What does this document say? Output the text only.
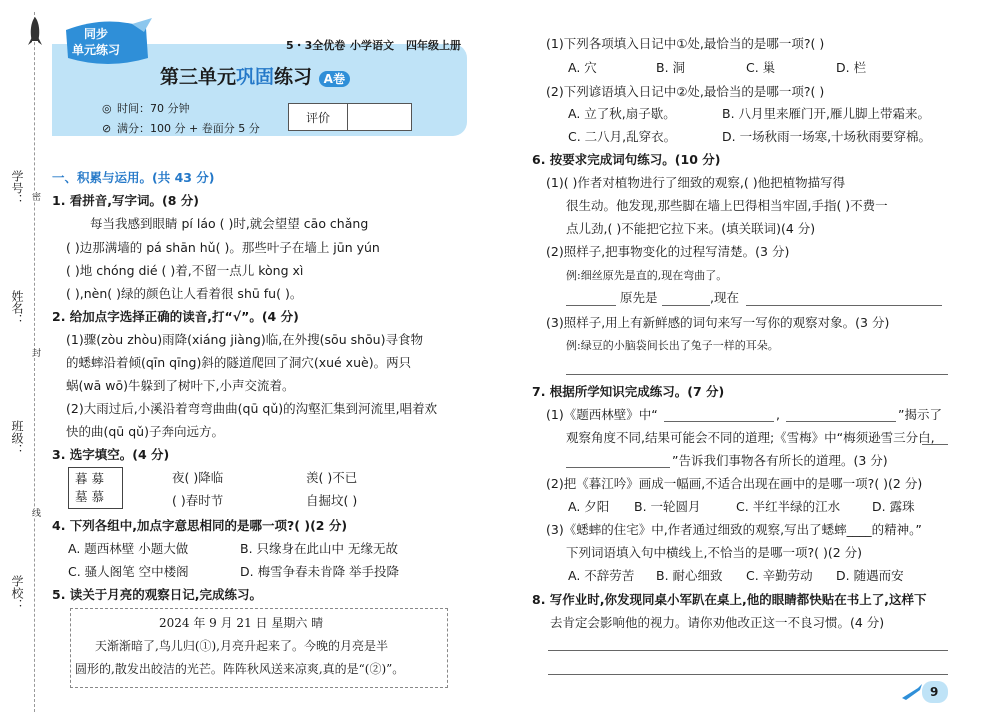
学号：
姓名：
班级：
学校：
密
封
线
同步
单元练习	5・3全优卷 小学语文 四年级上册
第三单元巩固练习 A卷
◎ 时间：70 分钟
⊘ 满分：100 分 + 卷面分 5 分
评价
一、积累与运用。(共 43 分)
1. 看拼音,写字词。(8 分)
每当我感到眼睛 pí láo ( )时,就会望望 cāo chǎng
( )边那满墙的 pá shān hǔ( )。那些叶子在墙上 jūn yún
( )地 chóng dié ( )着,不留一点儿 kòng xì
( ),nèn( )绿的颜色让人看着很 shū fu( )。
2. 给加点字选择正确的读音,打“√”。(4 分)
(1)骤(zòu zhòu)雨降(xiáng jiàng)临,在外搜(sōu shōu)寻食物
的蟋蟀沿着倾(qīn qīng)斜的隧道爬回了洞穴(xué xuè)。两只
蜗(wā wō)牛躲到了树叶下,小声交流着。
(2)大雨过后,小溪沿着弯弯曲曲(qū qǔ)的沟壑汇集到河流里,唱着欢
快的曲(qū qǔ)子奔向远方。
3. 选字填空。(4 分)
暮 募
墓 慕
夜( )降临	羡( )不已
( )春时节	自掘坟( )
4. 下列各组中,加点字意思相同的是哪一项?( )(2 分)
A. 题西林壁 小题大做	B. 只缘身在此山中 无缘无故
C. 骚人阁笔 空中楼阁	D. 梅雪争春未肯降 举手投降
5. 读关于月亮的观察日记,完成练习。
2024 年 9 月 21 日 星期六 晴
天渐渐暗了,鸟儿归(①),月亮升起来了。今晚的月亮是半
圆形的,散发出皎洁的光芒。阵阵秋风送来凉爽,真的是“(②)”。
(1)下列各项填入日记中①处,最恰当的是哪一项?( )
A. 穴	B. 洞	C. 巢	D. 栏
(2)下列谚语填入日记中②处,最恰当的是哪一项?( )
A. 立了秋,扇子歇。	B. 八月里来雁门开,雁儿脚上带霜来。
C. 二八月,乱穿衣。	D. 一场秋雨一场寒,十场秋雨要穿棉。
6. 按要求完成词句练习。(10 分)
(1)( )作者对植物进行了细致的观察,( )他把植物描写得
很生动。他发现,那些脚在墙上巴得相当牢固,手指( )不费一
点儿劲,( )不能把它拉下来。(填关联词)(4 分)
(2)照样子,把事物变化的过程写清楚。(3 分)
例:细丝原先是直的,现在弯曲了。
原先是	,现在
(3)照样子,用上有新鲜感的词句来写一写你的观察对象。(3 分)
例:绿豆的小脑袋间长出了兔子一样的耳朵。
7. 根据所学知识完成练习。(7 分)
(1)《题西林壁》中“	,	”揭示了
观察角度不同,结果可能会不同的道理;《雪梅》中“梅须逊雪三分白,
”告诉我们事物各有所长的道理。(3 分)
(2)把《暮江吟》画成一幅画,不适合出现在画中的是哪一项?( )(2 分)
A. 夕阳 B. 一轮圆月	C. 半红半绿的江水	D. 露珠
(3)《蟋蟀的住宅》中,作者通过细致的观察,写出了蟋蟀____的精神。”
下列词语填入句中横线上,不恰当的是哪一项?( )(2 分)
A. 不辞劳苦 B. 耐心细致 C. 辛勤劳动 D. 随遇而安
8. 写作业时,你发现同桌小军趴在桌上,他的眼睛都快贴在书上了,这样下
去肯定会影响他的视力。请你劝他改正这一不良习惯。(4 分)
9
